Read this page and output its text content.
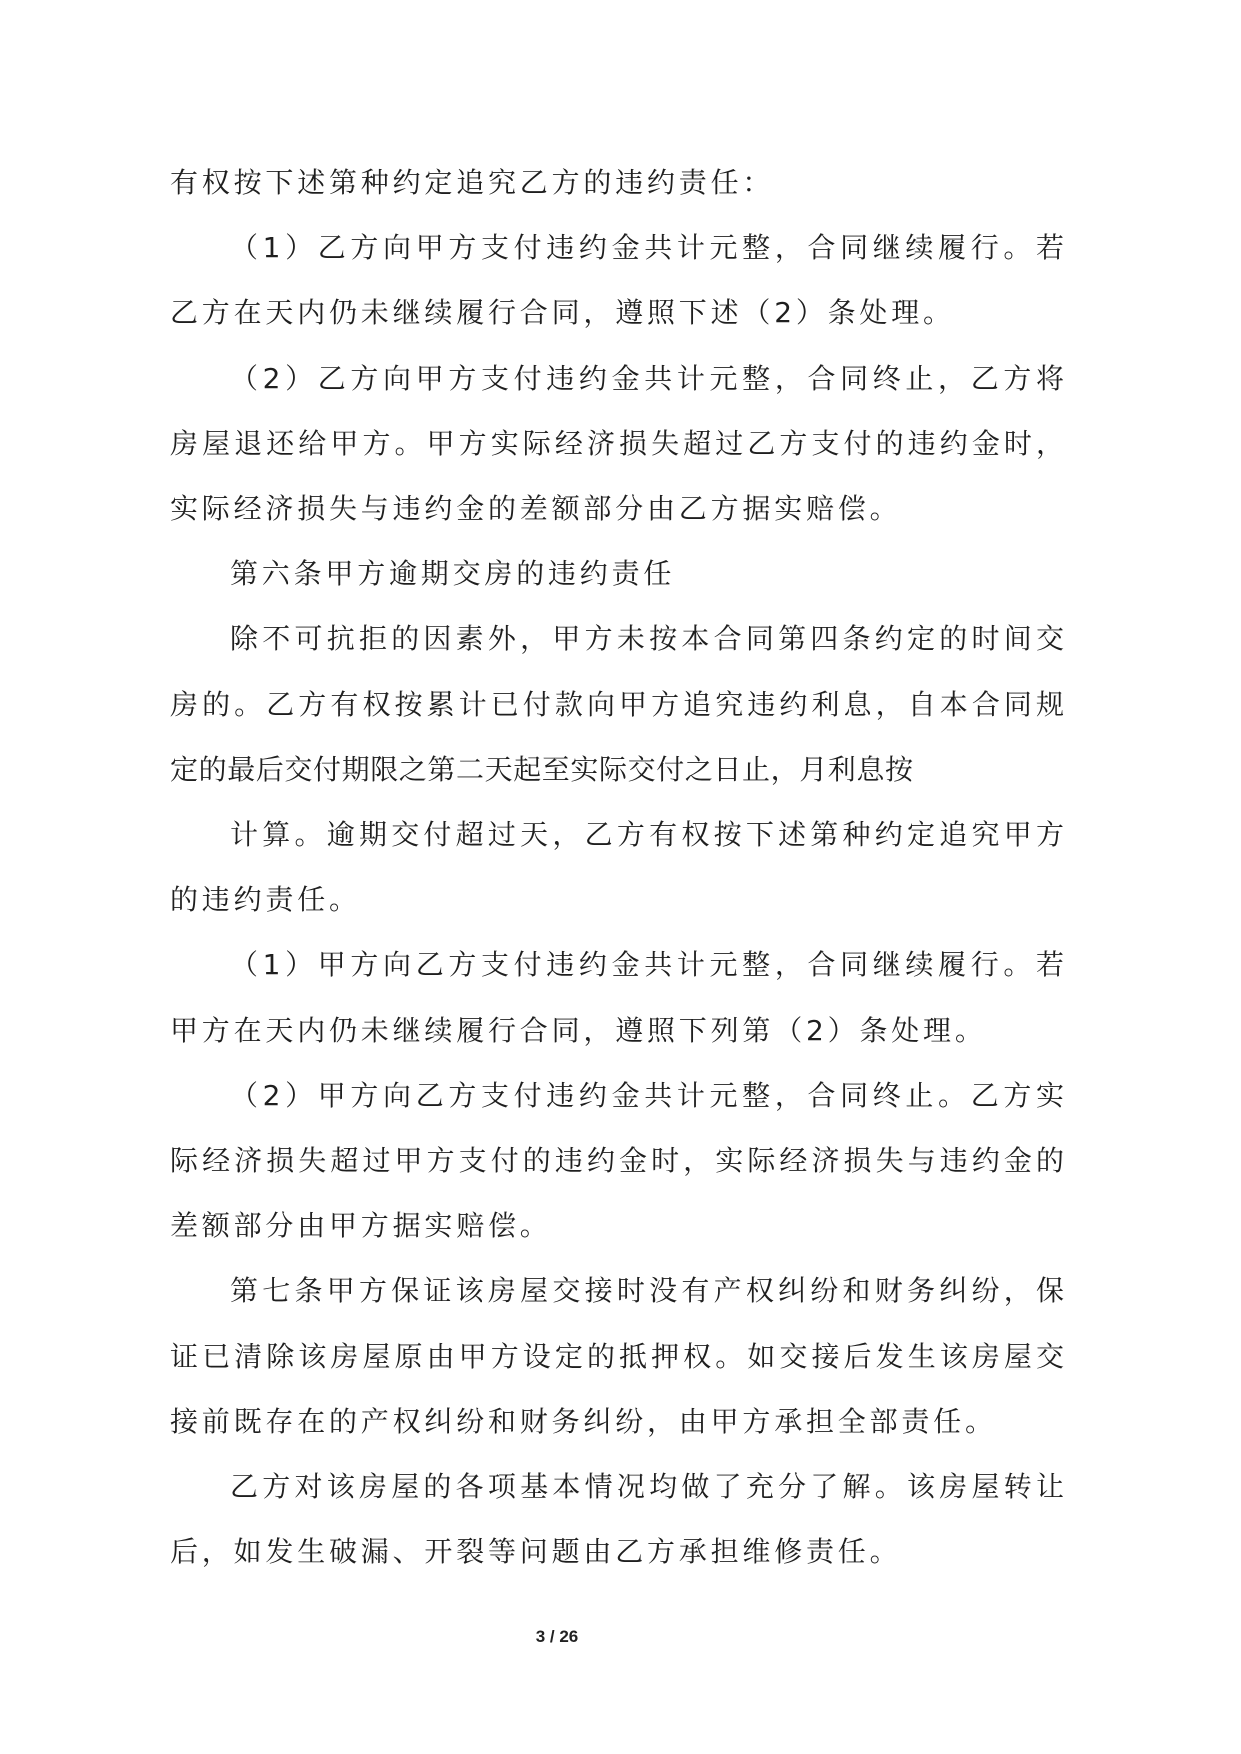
有权按下述第种约定追究乙方的违约责任：
（1）乙方向甲方支付违约金共计元整，合同继续履行。若
乙方在天内仍未继续履行合同，遵照下述（2）条处理。
（2）乙方向甲方支付违约金共计元整，合同终止，乙方将
房屋退还给甲方。甲方实际经济损失超过乙方支付的违约金时，
实际经济损失与违约金的差额部分由乙方据实赔偿。
第六条甲方逾期交房的违约责任
除不可抗拒的因素外，甲方未按本合同第四条约定的时间交
房的。乙方有权按累计已付款向甲方追究违约利息，自本合同规
定的最后交付期限之第二天起至实际交付之日止，月利息按
计算。逾期交付超过天，乙方有权按下述第种约定追究甲方
的违约责任。
（1）甲方向乙方支付违约金共计元整，合同继续履行。若
甲方在天内仍未继续履行合同，遵照下列第（2）条处理。
（2）甲方向乙方支付违约金共计元整，合同终止。乙方实
际经济损失超过甲方支付的违约金时，实际经济损失与违约金的
差额部分由甲方据实赔偿。
第七条甲方保证该房屋交接时没有产权纠纷和财务纠纷，保
证已清除该房屋原由甲方设定的抵押权。如交接后发生该房屋交
接前既存在的产权纠纷和财务纠纷，由甲方承担全部责任。
乙方对该房屋的各项基本情况均做了充分了解。该房屋转让
后，如发生破漏、开裂等问题由乙方承担维修责任。
3 / 26
